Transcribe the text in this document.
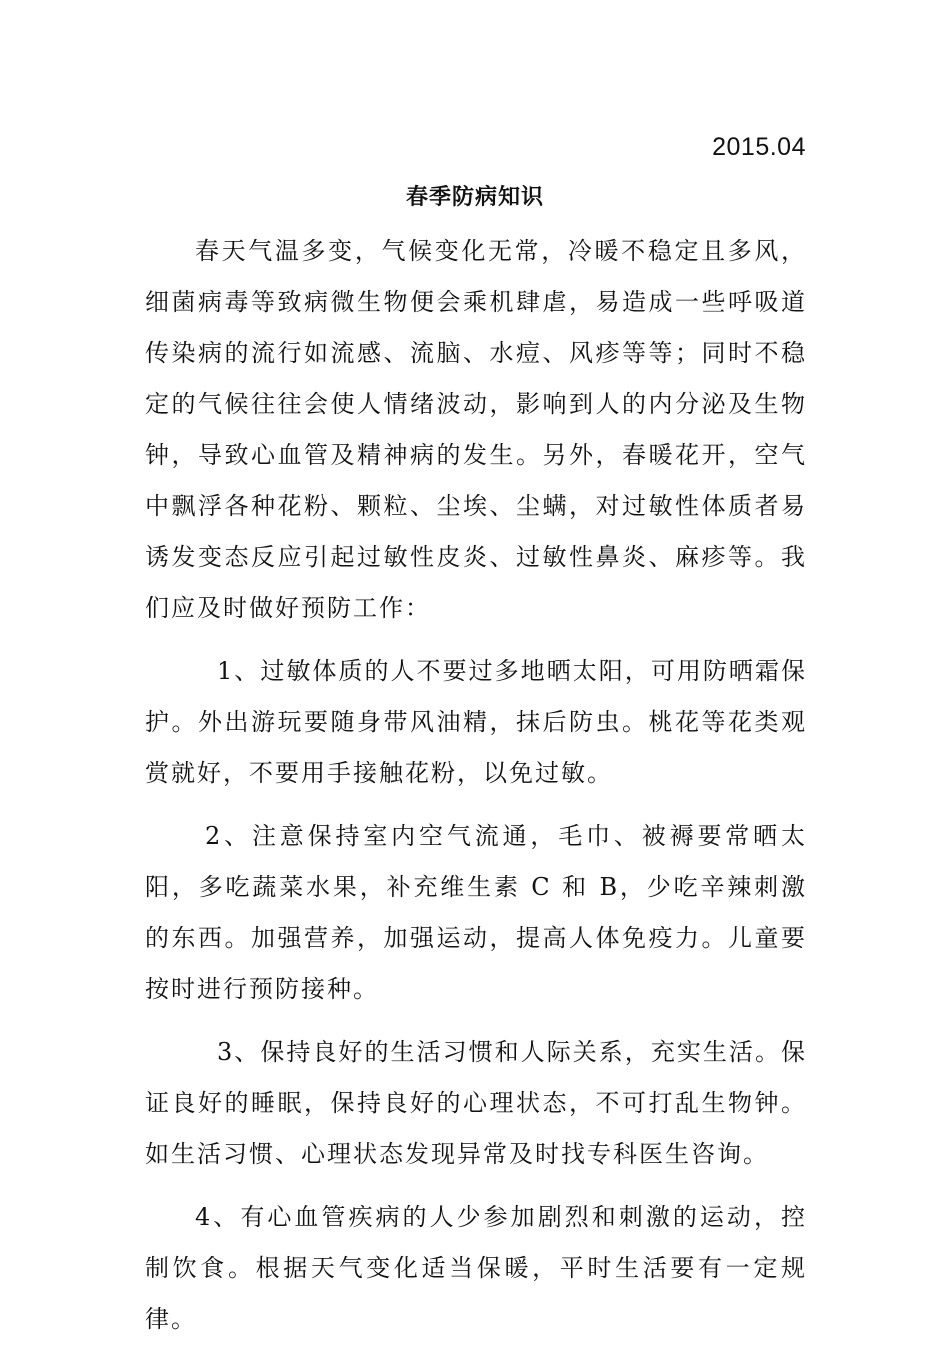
2015.04
春季防病知识

春天气温多变，气候变化无常，冷暖不稳定且多风，细菌病毒等致病微生物便会乘机肆虐，易造成一些呼吸道传染病的流行如流感、流脑、水痘、风疹等等；同时不稳定的气候往往会使人情绪波动，影响到人的内分泌及生物钟，导致心血管及精神病的发生。另外，春暖花开，空气中飘浮各种花粉、颗粒、尘埃、尘螨，对过敏性体质者易诱发变态反应引起过敏性皮炎、过敏性鼻炎、麻疹等。我们应及时做好预防工作：

1、过敏体质的人不要过多地晒太阳，可用防晒霜保护。外出游玩要随身带风油精，抹后防虫。桃花等花类观赏就好，不要用手接触花粉，以免过敏。

2、注意保持室内空气流通，毛巾、被褥要常晒太阳，多吃蔬菜水果，补充维生素 C 和 B，少吃辛辣刺激的东西。加强营养，加强运动，提高人体免疫力。儿童要按时进行预防接种。

3、保持良好的生活习惯和人际关系，充实生活。保证良好的睡眠，保持良好的心理状态，不可打乱生物钟。如生活习惯、心理状态发现异常及时找专科医生咨询。

4、有心血管疾病的人少参加剧烈和刺激的运动，控制饮食。根据天气变化适当保暖，平时生活要有一定规律。
